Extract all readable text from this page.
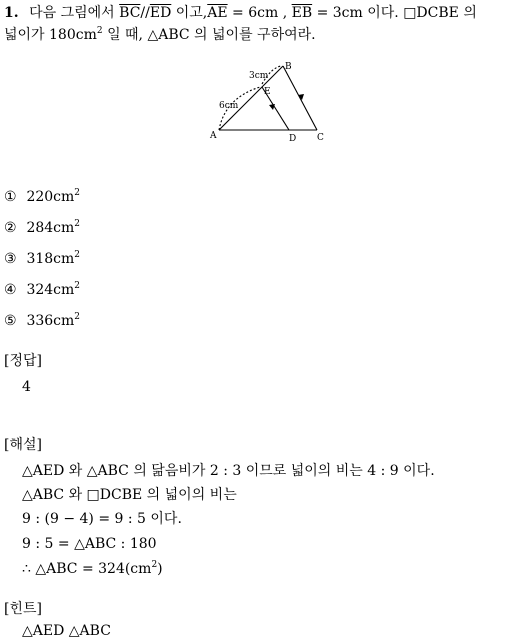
1. 다음 그림에서 $\overline{BC}//\overline{ED}$ 이고$,\overline{AE} = 6cm$ , $\overline{EB} = 3cm$ 이다. □DCBE 의
넓이가 $180cm^2$ 일 때, △ABC 의 넓이를 구하여라.
A
B
C
D
E
6cm
3cm
① $220cm^2$
② $284cm^2$
③ $318cm^2$
④ $324cm^2$
⑤ $336cm^2$
[정답]
4
[해설]
△AED 와 △ABC 의 닮음비가 2 : 3 이므로 넓이의 비는 4 : 9 이다.
△ABC 와 □DCBE 의 넓이의 비는
9 : (9 − 4) = 9 : 5 이다.
9 : 5 = △ABC : 180
∴ △ABC = $324(cm^2)$
[힌트]
△AED △ABC
